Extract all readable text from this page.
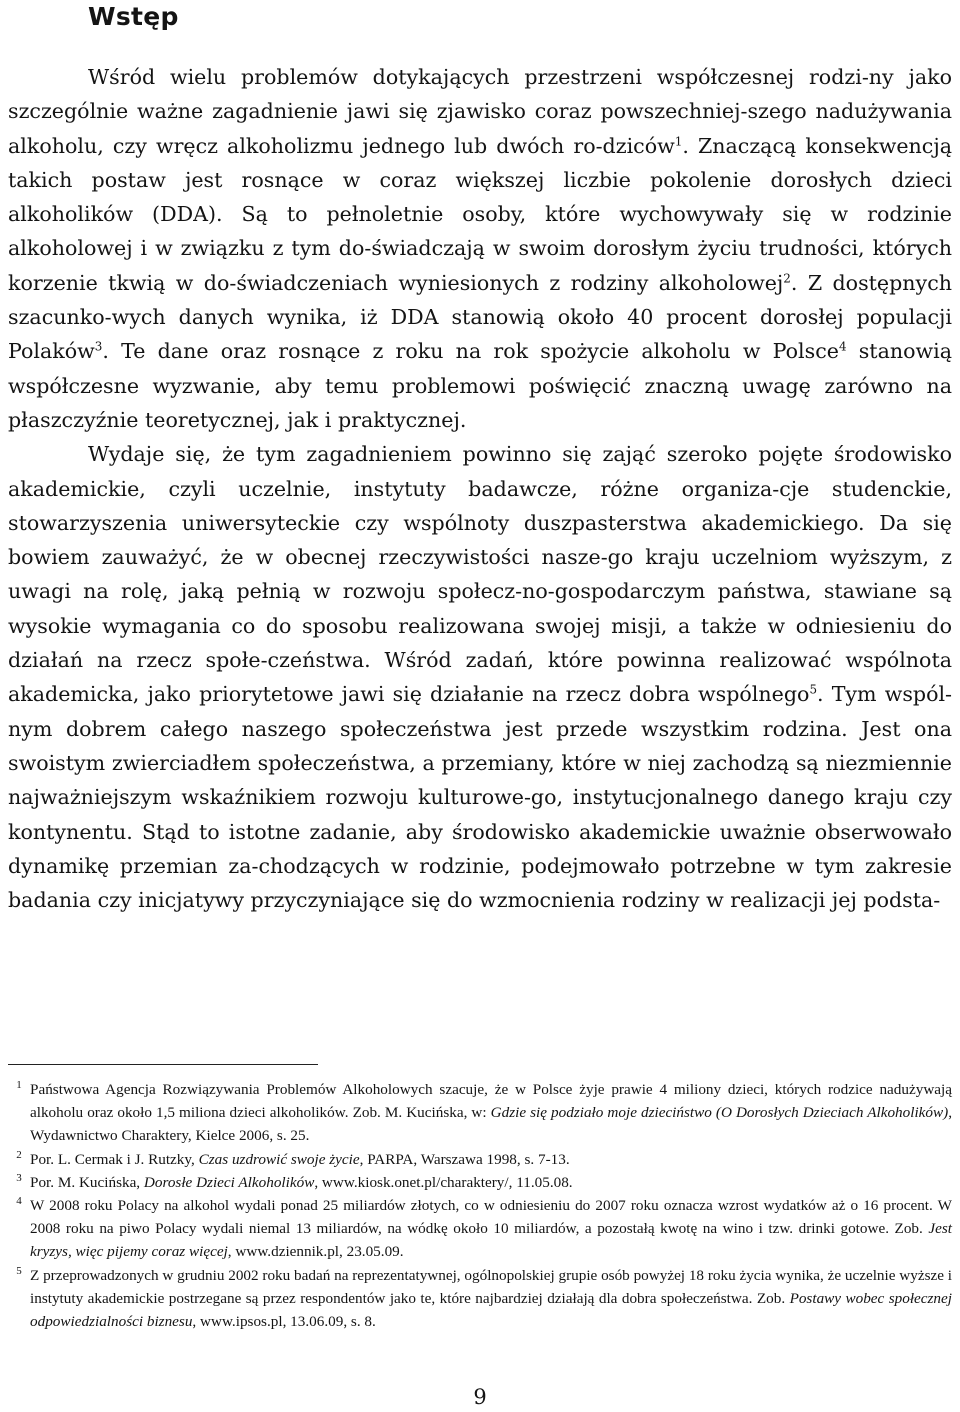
Wstęp

Wśród wielu problemów dotykających przestrzeni współczesnej rodzi-ny jako szczególnie ważne zagadnienie jawi się zjawisko coraz powszechniej-szego nadużywania alkoholu, czy wręcz alkoholizmu jednego lub dwóch ro-dziców$^1$. Znaczącą konsekwencją takich postaw jest rosnące w coraz większej liczbie pokolenie dorosłych dzieci alkoholików (DDA). Są to pełnoletnie osoby, które wychowywały się w rodzinie alkoholowej i w związku z tym do-świadczają w swoim dorosłym życiu trudności, których korzenie tkwią w do-świadczeniach wyniesionych z rodziny alkoholowej$^2$. Z dostępnych szacunko-wych danych wynika, iż DDA stanowią około 40 procent dorosłej populacji Polaków$^3$. Te dane oraz rosnące z roku na rok spożycie alkoholu w Polsce$^4$ stanowią współczesne wyzwanie, aby temu problemowi poświęcić znaczną uwagę zarówno na płaszczyźnie teoretycznej, jak i praktycznej.

Wydaje się, że tym zagadnieniem powinno się zająć szeroko pojęte środowisko akademickie, czyli uczelnie, instytuty badawcze, różne organiza-cje studenckie, stowarzyszenia uniwersyteckie czy wspólnoty duszpasterstwa akademickiego. Da się bowiem zauważyć, że w obecnej rzeczywistości nasze-go kraju uczelniom wyższym, z uwagi na rolę, jaką pełnią w rozwoju społecz-no-gospodarczym państwa, stawiane są wysokie wymagania co do sposobu realizowana swojej misji, a także w odniesieniu do działań na rzecz społe-czeństwa. Wśród zadań, które powinna realizować wspólnota akademicka, jako priorytetowe jawi się działanie na rzecz dobra wspólnego$^5$. Tym wspól-nym dobrem całego naszego społeczeństwa jest przede wszystkim rodzina. Jest ona swoistym zwierciadłem społeczeństwa, a przemiany, które w niej zachodzą są niezmiennie najważniejszym wskaźnikiem rozwoju kulturowe-go, instytucjonalnego danego kraju czy kontynentu. Stąd to istotne zadanie, aby środowisko akademickie uważnie obserwowało dynamikę przemian za-chodzących w rodzinie, podejmowało potrzebne w tym zakresie badania czy inicjatywy przyczyniające się do wzmocnienia rodziny w realizacji jej podsta-

1 Państwowa Agencja Rozwiązywania Problemów Alkoholowych szacuje, że w Polsce żyje prawie 4 miliony dzieci, których rodzice nadużywają alkoholu oraz około 1,5 miliona dzieci alkoholików. Zob. M. Kucińska, w: Gdzie się podziało moje dzieciństwo (O Dorosłych Dzieciach Alkoholików), Wydawnictwo Charaktery, Kielce 2006, s. 25.
2 Por. L. Cermak i J. Rutzky, Czas uzdrowić swoje życie, PARPA, Warszawa 1998, s. 7-13.
3 Por. M. Kucińska, Dorosłe Dzieci Alkoholików, www.kiosk.onet.pl/charaktery/, 11.05.08.
4 W 2008 roku Polacy na alkohol wydali ponad 25 miliardów złotych, co w odniesieniu do 2007 roku oznacza wzrost wydatków aż o 16 procent. W 2008 roku na piwo Polacy wydali niemal 13 miliardów, na wódkę około 10 miliardów, a pozostałą kwotę na wino i tzw. drinki gotowe. Zob. Jest kryzys, więc pijemy coraz więcej, www.dziennik.pl, 23.05.09.
5 Z przeprowadzonych w grudniu 2002 roku badań na reprezentatywnej, ogólnopolskiej grupie osób powyżej 18 roku życia wynika, że uczelnie wyższe i instytuty akademickie postrzegane są przez respondentów jako te, które najbardziej działają dla dobra społeczeństwa. Zob. Postawy wobec społecznej odpowiedzialności biznesu, www.ipsos.pl, 13.06.09, s. 8.
9
